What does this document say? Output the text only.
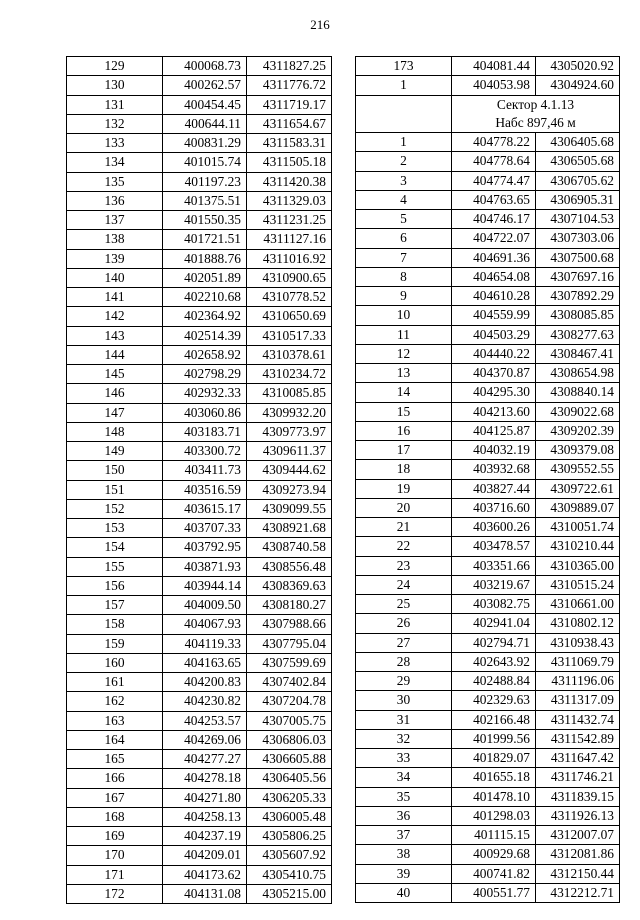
216
129	400068.73	4311827.25
130	400262.57	4311776.72
131	400454.45	4311719.17
132	400644.11	4311654.67
133	400831.29	4311583.31
134	401015.74	4311505.18
135	401197.23	4311420.38
136	401375.51	4311329.03
137	401550.35	4311231.25
138	401721.51	4311127.16
139	401888.76	4311016.92
140	402051.89	4310900.65
141	402210.68	4310778.52
142	402364.92	4310650.69
143	402514.39	4310517.33
144	402658.92	4310378.61
145	402798.29	4310234.72
146	402932.33	4310085.85
147	403060.86	4309932.20
148	403183.71	4309773.97
149	403300.72	4309611.37
150	403411.73	4309444.62
151	403516.59	4309273.94
152	403615.17	4309099.55
153	403707.33	4308921.68
154	403792.95	4308740.58
155	403871.93	4308556.48
156	403944.14	4308369.63
157	404009.50	4308180.27
158	404067.93	4307988.66
159	404119.33	4307795.04
160	404163.65	4307599.69
161	404200.83	4307402.84
162	404230.82	4307204.78
163	404253.57	4307005.75
164	404269.06	4306806.03
165	404277.27	4306605.88
166	404278.18	4306405.56
167	404271.80	4306205.33
168	404258.13	4306005.48
169	404237.19	4305806.25
170	404209.01	4305607.92
171	404173.62	4305410.75
172	404131.08	4305215.00
173	404081.44	4305020.92
1	404053.98	4304924.60
	Сектор 4.1.13	
	Набс 897,46 м	
1	404778.22	4306405.68
2	404778.64	4306505.68
3	404774.47	4306705.62
4	404763.65	4306905.31
5	404746.17	4307104.53
6	404722.07	4307303.06
7	404691.36	4307500.68
8	404654.08	4307697.16
9	404610.28	4307892.29
10	404559.99	4308085.85
11	404503.29	4308277.63
12	404440.22	4308467.41
13	404370.87	4308654.98
14	404295.30	4308840.14
15	404213.60	4309022.68
16	404125.87	4309202.39
17	404032.19	4309379.08
18	403932.68	4309552.55
19	403827.44	4309722.61
20	403716.60	4309889.07
21	403600.26	4310051.74
22	403478.57	4310210.44
23	403351.66	4310365.00
24	403219.67	4310515.24
25	403082.75	4310661.00
26	402941.04	4310802.12
27	402794.71	4310938.43
28	402643.92	4311069.79
29	402488.84	4311196.06
30	402329.63	4311317.09
31	402166.48	4311432.74
32	401999.56	4311542.89
33	401829.07	4311647.42
34	401655.18	4311746.21
35	401478.10	4311839.15
36	401298.03	4311926.13
37	401115.15	4312007.07
38	400929.68	4312081.86
39	400741.82	4312150.44
40	400551.77	4312212.71
